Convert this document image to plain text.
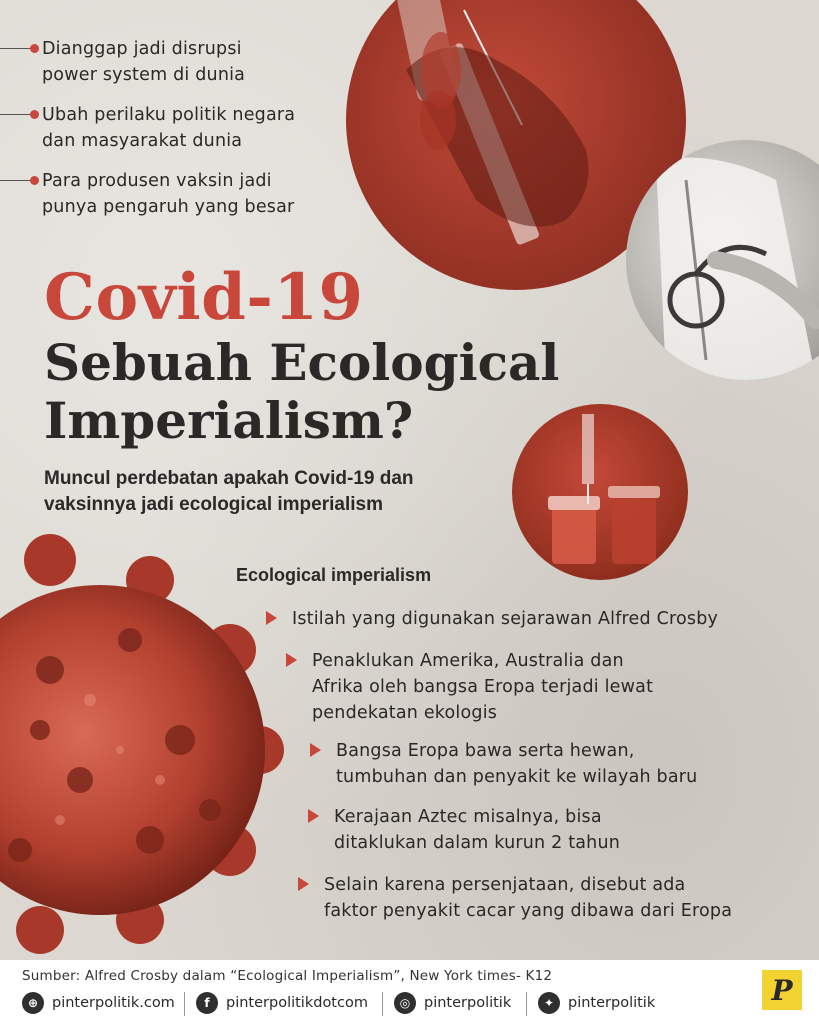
Dianggap jadi disrupsi
power system di dunia
Ubah perilaku politik negara
dan masyarakat dunia
Para produsen vaksin jadi
punya pengaruh yang besar
Covid-19
Sebuah Ecological
Imperialism?
Muncul perdebatan apakah Covid-19 dan vaksinnya jadi ecological imperialism
Ecological imperialism
Istilah yang digunakan sejarawan Alfred Crosby
Penaklukan Amerika, Australia dan
Afrika oleh bangsa Eropa terjadi lewat
pendekatan ekologis
Bangsa Eropa bawa serta hewan,
tumbuhan dan penyakit ke wilayah baru
Kerajaan Aztec misalnya, bisa
ditaklukan dalam kurun 2 tahun
Selain karena persenjataan, disebut ada
faktor penyakit cacar yang dibawa dari Eropa
Sumber: Alfred Crosby dalam “Ecological Imperialism”, New York times- K12
⊕ pinterpolitik.com	f	pinterpolitikdotcom	◎ pinterpolitik	✦ pinterpolitik	P
